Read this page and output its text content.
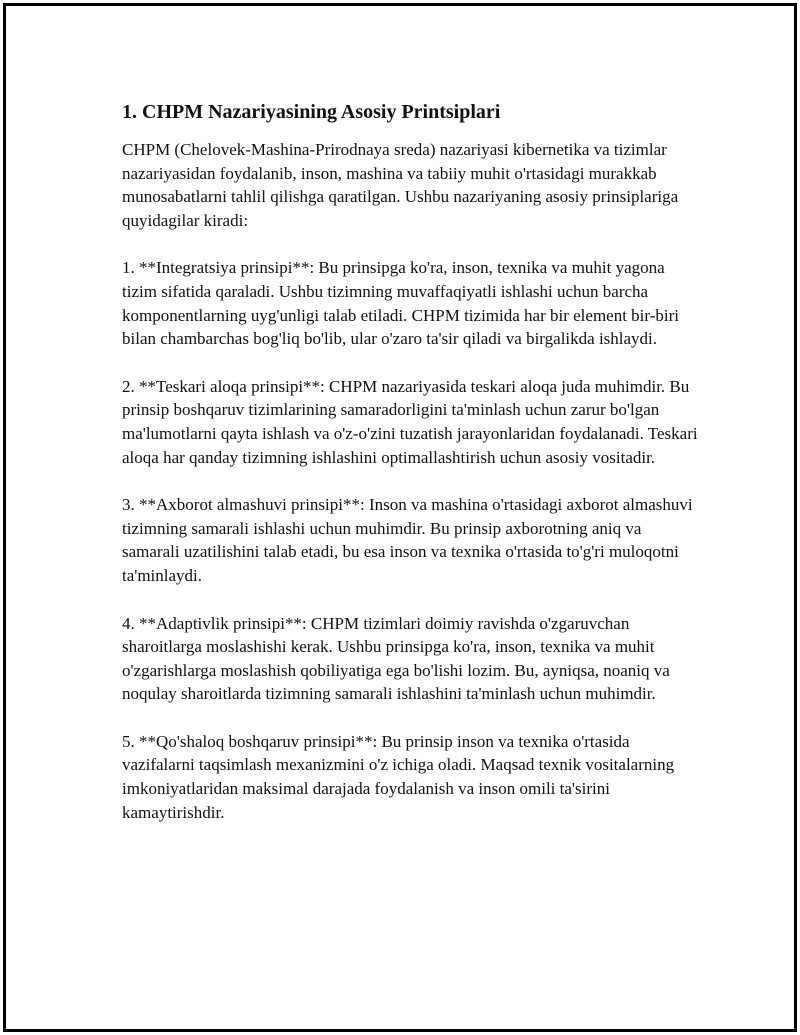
1. CHPM Nazariyasining Asosiy Printsiplari

CHPM (Chelovek-Mashina-Prirodnaya sreda) nazariyasi kibernetika va tizimlar nazariyasidan foydalanib, inson, mashina va tabiiy muhit o'rtasidagi murakkab munosabatlarni tahlil qilishga qaratilgan. Ushbu nazariyaning asosiy prinsiplariga quyidagilar kiradi:

1. **Integratsiya prinsipi**: Bu prinsipga ko'ra, inson, texnika va muhit yagona tizim sifatida qaraladi. Ushbu tizimning muvaffaqiyatli ishlashi uchun barcha komponentlarning uyg'unligi talab etiladi. CHPM tizimida har bir element bir-biri bilan chambarchas bog'liq bo'lib, ular o'zaro ta'sir qiladi va birgalikda ishlaydi.

2. **Teskari aloqa prinsipi**: CHPM nazariyasida teskari aloqa juda muhimdir. Bu prinsip boshqaruv tizimlarining samaradorligini ta'minlash uchun zarur bo'lgan ma'lumotlarni qayta ishlash va o'z-o'zini tuzatish jarayonlaridan foydalanadi. Teskari aloqa har qanday tizimning ishlashini optimallashtirish uchun asosiy vositadir.

3. **Axborot almashuvi prinsipi**: Inson va mashina o'rtasidagi axborot almashuvi tizimning samarali ishlashi uchun muhimdir. Bu prinsip axborotning aniq va samarali uzatilishini talab etadi, bu esa inson va texnika o'rtasida to'g'ri muloqotni ta'minlaydi.

4. **Adaptivlik prinsipi**: CHPM tizimlari doimiy ravishda o'zgaruvchan sharoitlarga moslashishi kerak. Ushbu prinsipga ko'ra, inson, texnika va muhit o'zgarishlarga moslashish qobiliyatiga ega bo'lishi lozim. Bu, ayniqsa, noaniq va noqulay sharoitlarda tizimning samarali ishlashini ta'minlash uchun muhimdir.

5. **Qo'shaloq boshqaruv prinsipi**: Bu prinsip inson va texnika o'rtasida vazifalarni taqsimlash mexanizmini o'z ichiga oladi. Maqsad texnik vositalarning imkoniyatlaridan maksimal darajada foydalanish va inson omili ta'sirini kamaytirishdir.
